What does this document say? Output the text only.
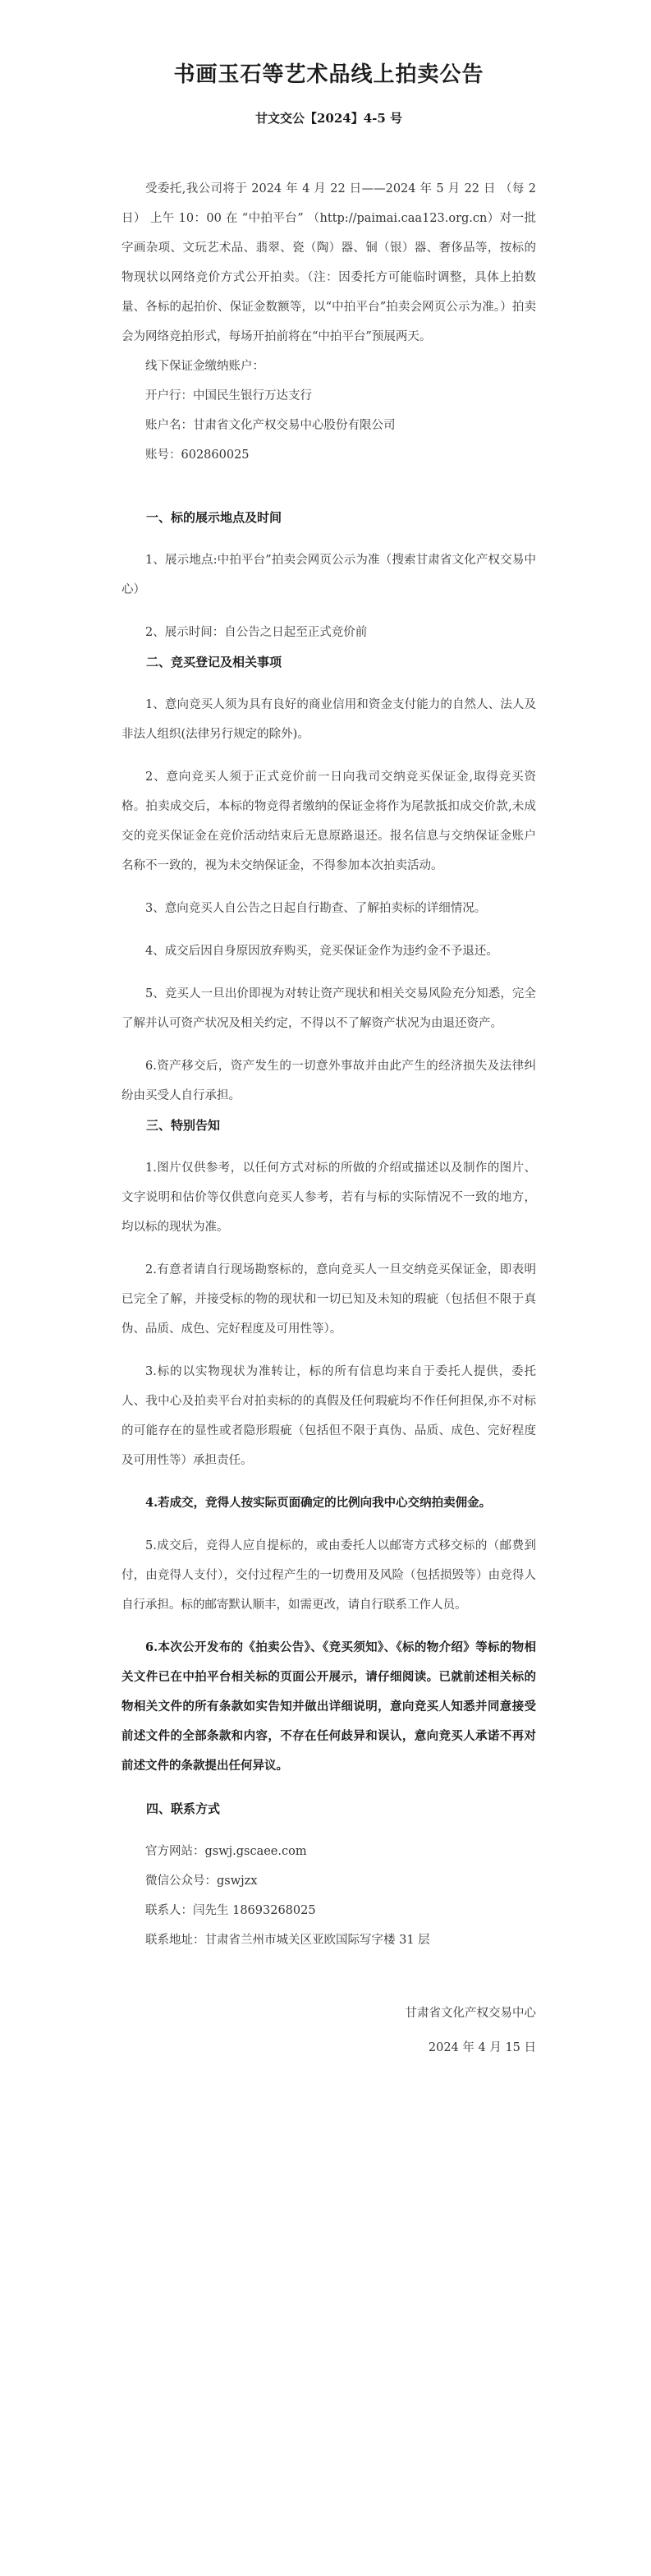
书画玉石等艺术品线上拍卖公告
甘文交公【2024】4-5 号

受委托,我公司将于 2024 年 4 月 22 日——2024 年 5 月 22 日 （每 2 日） 上午 10：00 在 “中拍平台” （http://paimai.caa123.org.cn）对一批字画杂项、文玩艺术品、翡翠、瓷（陶）器、铜（银）器、奢侈品等，按标的物现状以网络竞价方式公开拍卖。（注：因委托方可能临时调整，具体上拍数量、各标的起拍价、保证金数额等，以“中拍平台”拍卖会网页公示为准。）拍卖会为网络竞拍形式，每场开拍前将在“中拍平台”预展两天。

线下保证金缴纳账户：

开户行：中国民生银行万达支行

账户名：甘肃省文化产权交易中心股份有限公司

账号：602860025

一、标的展示地点及时间

1、展示地点:中拍平台”拍卖会网页公示为准（搜索甘肃省文化产权交易中心）

2、展示时间：自公告之日起至正式竞价前

二、竞买登记及相关事项

1、意向竞买人须为具有良好的商业信用和资金支付能力的自然人、法人及非法人组织(法律另行规定的除外)。

2、意向竞买人须于正式竞价前一日向我司交纳竞买保证金,取得竞买资格。拍卖成交后，本标的物竞得者缴纳的保证金将作为尾款抵扣成交价款,未成交的竞买保证金在竞价活动结束后无息原路退还。报名信息与交纳保证金账户名称不一致的，视为未交纳保证金，不得参加本次拍卖活动。

3、意向竞买人自公告之日起自行勘查、了解拍卖标的详细情况。

4、成交后因自身原因放弃购买，竞买保证金作为违约金不予退还。

5、竞买人一旦出价即视为对转让资产现状和相关交易风险充分知悉，完全了解并认可资产状况及相关约定，不得以不了解资产状况为由退还资产。

6.资产移交后，资产发生的一切意外事故并由此产生的经济损失及法律纠纷由买受人自行承担。

三、特别告知

1.图片仅供参考，以任何方式对标的所做的介绍或描述以及制作的图片、文字说明和估价等仅供意向竞买人参考，若有与标的实际情况不一致的地方，均以标的现状为准。

2.有意者请自行现场勘察标的，意向竞买人一旦交纳竞买保证金，即表明已完全了解，并接受标的物的现状和一切已知及未知的瑕疵（包括但不限于真伪、品质、成色、完好程度及可用性等）。

3.标的以实物现状为准转让，标的所有信息均来自于委托人提供，委托人、我中心及拍卖平台对拍卖标的的真假及任何瑕疵均不作任何担保,亦不对标的可能存在的显性或者隐形瑕疵（包括但不限于真伪、品质、成色、完好程度及可用性等）承担责任。

4.若成交，竞得人按实际页面确定的比例向我中心交纳拍卖佣金。

5.成交后，竞得人应自提标的，或由委托人以邮寄方式移交标的（邮费到付，由竞得人支付），交付过程产生的一切费用及风险（包括损毁等）由竞得人自行承担。标的邮寄默认顺丰，如需更改，请自行联系工作人员。

6.本次公开发布的《拍卖公告》、《竞买须知》、《标的物介绍》等标的物相关文件已在中拍平台相关标的页面公开展示，请仔细阅读。已就前述相关标的物相关文件的所有条款如实告知并做出详细说明，意向竞买人知悉并同意接受前述文件的全部条款和内容，不存在任何歧异和误认，意向竞买人承诺不再对前述文件的条款提出任何异议。

四、联系方式

官方网站：gswj.gscaee.com

微信公众号：gswjzx

联系人：闫先生 18693268025

联系地址：甘肃省兰州市城关区亚欧国际写字楼 31 层

甘肃省文化产权交易中心
2024 年 4 月 15 日
